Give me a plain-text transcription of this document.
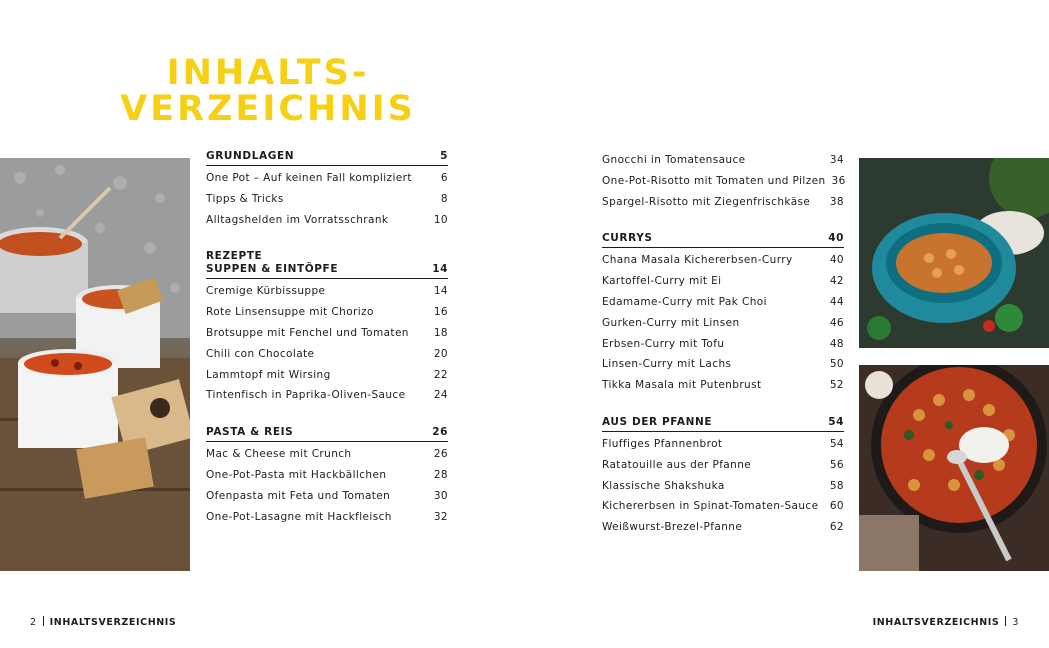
INHALTS-
VERZEICHNIS
GRUNDLAGEN	5
One Pot – Auf keinen Fall kompliziert	6
Tipps & Tricks	8
Alltagshelden im Vorratsschrank	10
REZEPTE
SUPPEN & EINTÖPFE	14
Cremige Kürbissuppe	14
Rote Linsensuppe mit Chorizo	16
Brotsuppe mit Fenchel und Tomaten	18
Chili con Chocolate	20
Lammtopf mit Wirsing	22
Tintenfisch in Paprika-Oliven-Sauce	24
PASTA & REIS	26
Mac & Cheese mit Crunch	26
One-Pot-Pasta mit Hackbällchen	28
Ofenpasta mit Feta und Tomaten	30
One-Pot-Lasagne mit Hackfleisch	32
Gnocchi in Tomatensauce	34
One-Pot-Risotto mit Tomaten und Pilzen 36
Spargel-Risotto mit Ziegenfrischkäse	38
CURRYS	40
Chana Masala Kichererbsen-Curry	40
Kartoffel-Curry mit Ei	42
Edamame-Curry mit Pak Choi	44
Gurken-Curry mit Linsen	46
Erbsen-Curry mit Tofu	48
Linsen-Curry mit Lachs	50
Tikka Masala mit Putenbrust	52
AUS DER PFANNE	54
Fluffiges Pfannenbrot	54
Ratatouille aus der Pfanne	56
Klassische Shakshuka	58
Kichererbsen in Spinat-Tomaten-Sauce	60
Weißwurst-Brezel-Pfanne	62
2 INHALTSVERZEICHNIS	INHALTSVERZEICHNIS 3
